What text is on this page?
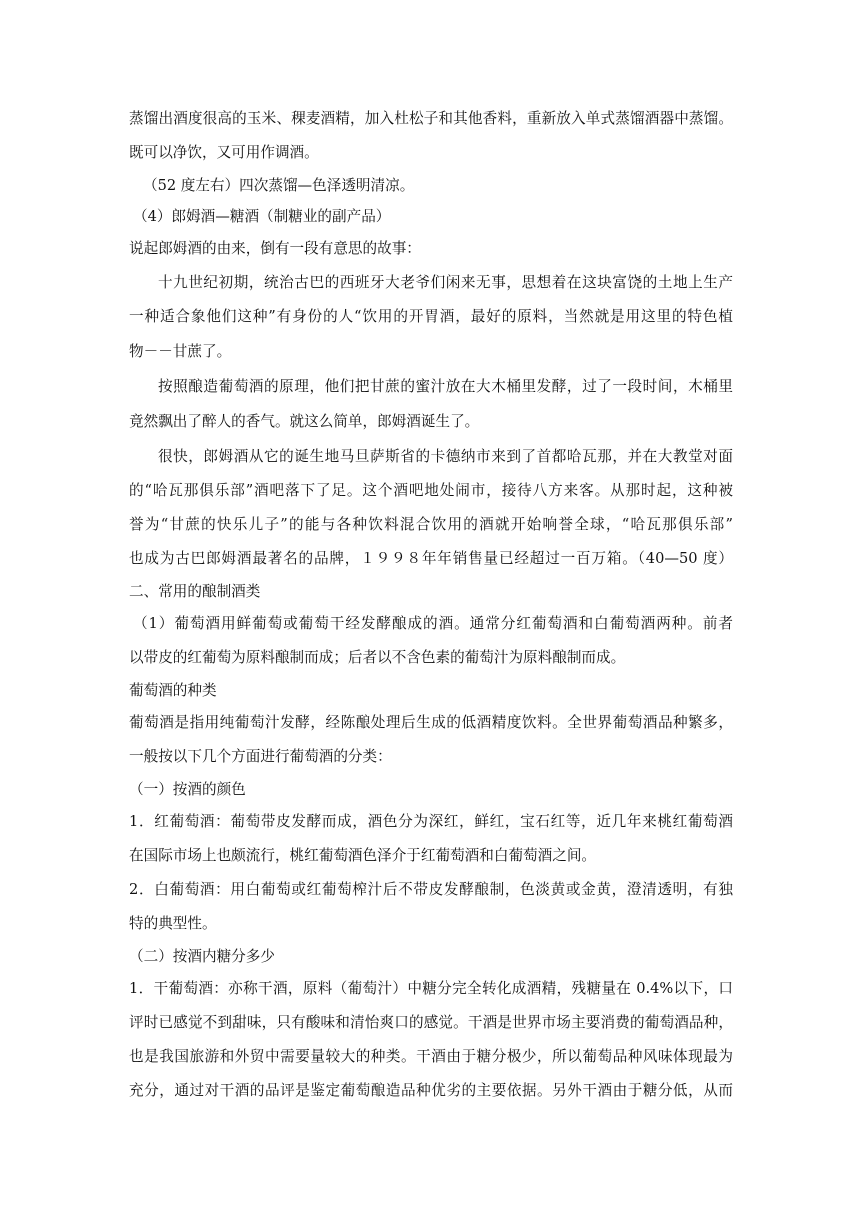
蒸馏出酒度很高的玉米、稞麦酒精，加入杜松子和其他香料，重新放入单式蒸馏酒器中蒸馏。
既可以净饮，又可用作调酒。
（52 度左右）四次蒸馏—色泽透明清凉。
（4）郎姆酒—糖酒（制糖业的副产品）
说起郎姆酒的由来，倒有一段有意思的故事：
十九世纪初期，统治古巴的西班牙大老爷们闲来无事，思想着在这块富饶的土地上生产
一种适合象他们这种”有身份的人“饮用的开胃酒，最好的原料，当然就是用这里的特色植
物－－甘蔗了。
按照酿造葡萄酒的原理，他们把甘蔗的蜜汁放在大木桶里发酵，过了一段时间，木桶里
竟然飘出了醉人的香气。就这么简单，郎姆酒诞生了。
很快，郎姆酒从它的诞生地马旦萨斯省的卡德纳市来到了首都哈瓦那，并在大教堂对面
的“哈瓦那俱乐部”酒吧落下了足。这个酒吧地处闹市，接待八方来客。从那时起，这种被
誉为“甘蔗的快乐儿子”的能与各种饮料混合饮用的酒就开始响誉全球，“哈瓦那俱乐部”
也成为古巴郎姆酒最著名的品牌，１９９８年年销售量已经超过一百万箱。（40—50 度）
二、常用的酿制酒类
（1）葡萄酒用鲜葡萄或葡萄干经发酵酿成的酒。通常分红葡萄酒和白葡萄酒两种。前者
以带皮的红葡萄为原料酿制而成；后者以不含色素的葡萄汁为原料酿制而成。
葡萄酒的种类
葡萄酒是指用纯葡萄汁发酵，经陈酿处理后生成的低酒精度饮料。全世界葡萄酒品种繁多，
一般按以下几个方面进行葡萄酒的分类：
（一）按酒的颜色
1．红葡萄酒：葡萄带皮发酵而成，酒色分为深红，鲜红，宝石红等，近几年来桃红葡萄酒
在国际市场上也颇流行，桃红葡萄酒色泽介于红葡萄酒和白葡萄酒之间。
2．白葡萄酒：用白葡萄或红葡萄榨汁后不带皮发酵酿制，色淡黄或金黄，澄清透明，有独
特的典型性。
（二）按酒内糖分多少
1．干葡萄酒：亦称干酒，原料（葡萄汁）中糖分完全转化成酒精，残糖量在 0.4%以下，口
评时已感觉不到甜味，只有酸味和清怡爽口的感觉。干酒是世界市场主要消费的葡萄酒品种，
也是我国旅游和外贸中需要量较大的种类。干酒由于糖分极少，所以葡萄品种风味体现最为
充分，通过对干酒的品评是鉴定葡萄酿造品种优劣的主要依据。另外干酒由于糖分低，从而
